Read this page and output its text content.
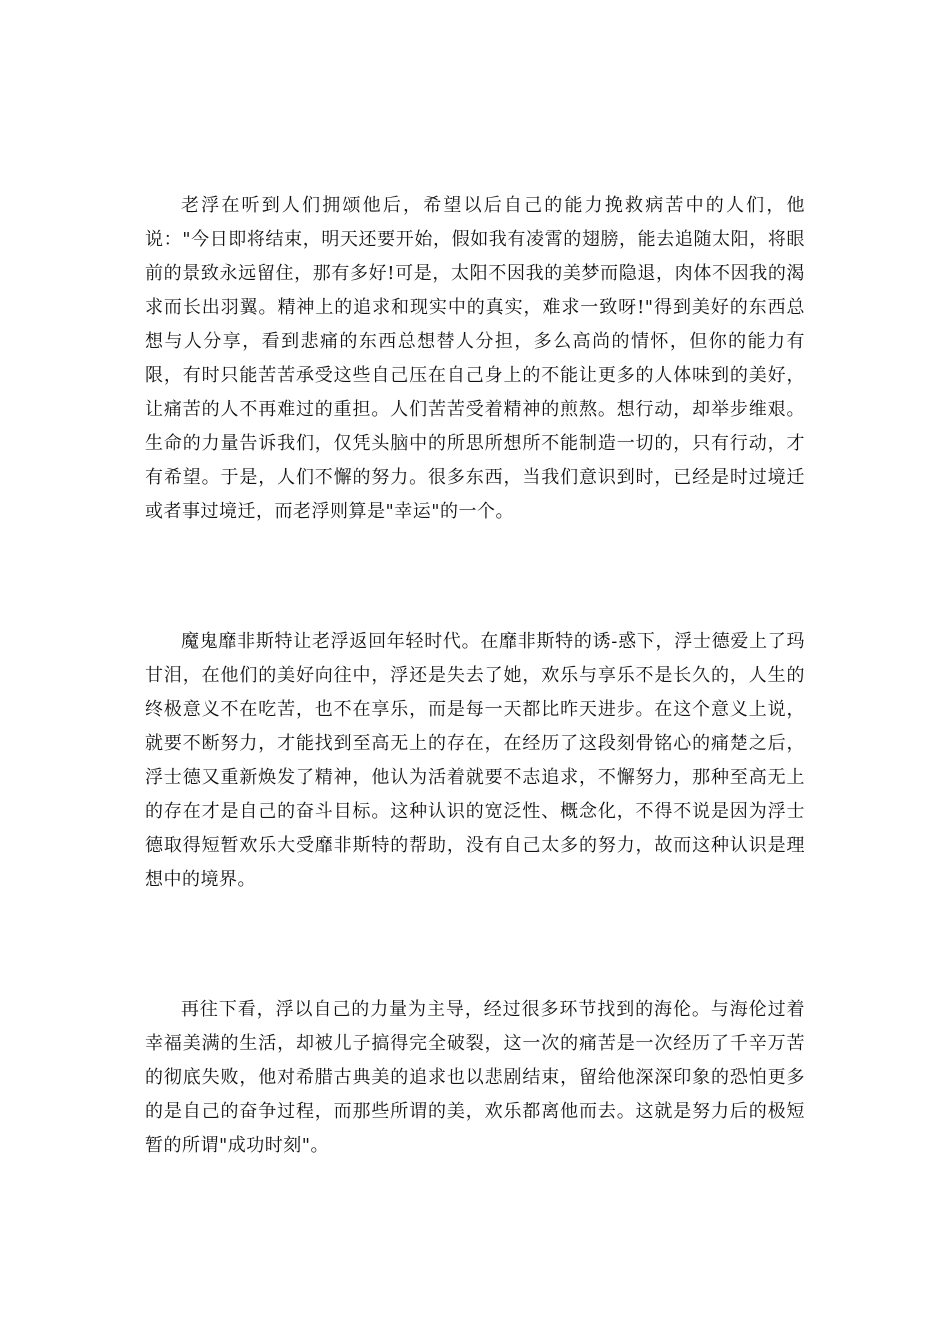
老浮在听到人们拥颂他后，希望以后自己的能力挽救病苦中的人们，他说："今日即将结束，明天还要开始，假如我有凌霄的翅膀，能去追随太阳，将眼前的景致永远留住，那有多好!可是，太阳不因我的美梦而隐退，肉体不因我的渴求而长出羽翼。精神上的追求和现实中的真实，难求一致呀!"得到美好的东西总想与人分享，看到悲痛的东西总想替人分担，多么高尚的情怀，但你的能力有限，有时只能苦苦承受这些自己压在自己身上的不能让更多的人体味到的美好，让痛苦的人不再难过的重担。人们苦苦受着精神的煎熬。想行动，却举步维艰。生命的力量告诉我们，仅凭头脑中的所思所想所不能制造一切的，只有行动，才有希望。于是，人们不懈的努力。很多东西，当我们意识到时，已经是时过境迁或者事过境迁，而老浮则算是"幸运"的一个。

魔鬼靡非斯特让老浮返回年轻时代。在靡非斯特的诱-惑下，浮士德爱上了玛甘泪，在他们的美好向往中，浮还是失去了她，欢乐与享乐不是长久的，人生的终极意义不在吃苦，也不在享乐，而是每一天都比昨天进步。在这个意义上说，就要不断努力，才能找到至高无上的存在，在经历了这段刻骨铭心的痛楚之后，浮士德又重新焕发了精神，他认为活着就要不志追求，不懈努力，那种至高无上的存在才是自己的奋斗目标。这种认识的宽泛性、概念化，不得不说是因为浮士德取得短暂欢乐大受靡非斯特的帮助，没有自己太多的努力，故而这种认识是理想中的境界。

再往下看，浮以自己的力量为主导，经过很多环节找到的海伦。与海伦过着幸福美满的生活，却被儿子搞得完全破裂，这一次的痛苦是一次经历了千辛万苦的彻底失败，他对希腊古典美的追求也以悲剧结束，留给他深深印象的恐怕更多的是自己的奋争过程，而那些所谓的美，欢乐都离他而去。这就是努力后的极短暂的所谓"成功时刻"。
